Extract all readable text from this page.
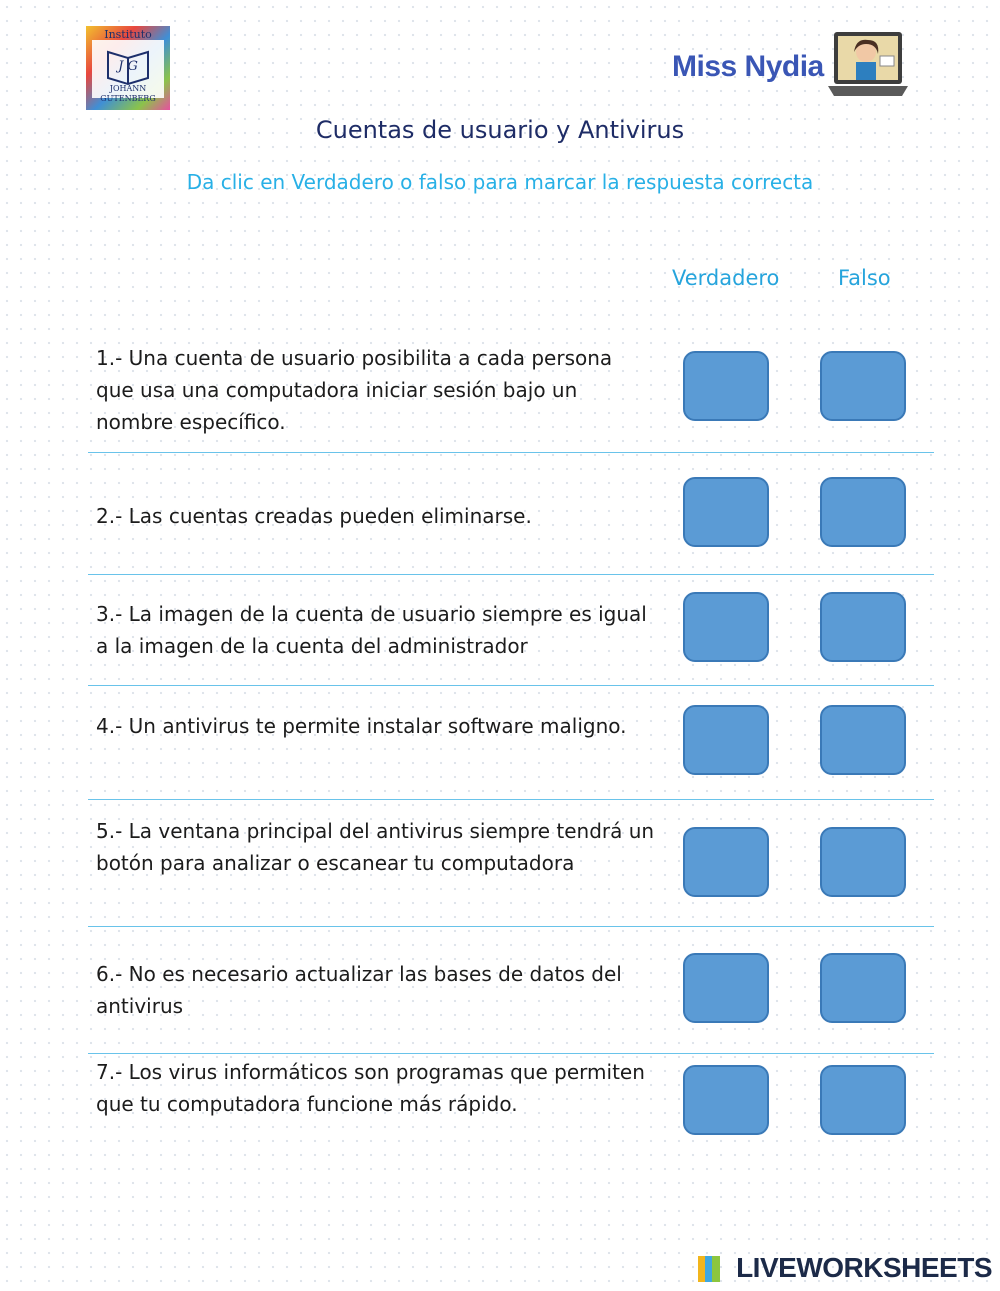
Instituto
J G
JOHANN
GUTENBERG
Miss Nydia
Cuentas de usuario y Antivirus
Da clic en Verdadero o falso para marcar la respuesta correcta
Verdadero	Falso
1.- Una cuenta de usuario posibilita a cada persona que usa una computadora iniciar sesión bajo un nombre específico.
2.- Las cuentas creadas pueden eliminarse.
3.- La imagen de la cuenta de usuario siempre es igual a la imagen de la cuenta del administrador
4.- Un antivirus te permite instalar software maligno.
5.- La ventana principal del antivirus siempre tendrá un botón para analizar o escanear tu computadora
6.- No es necesario actualizar las bases de datos del antivirus
7.- Los virus informáticos son programas que permiten que tu computadora funcione más rápido.
LIVEWORKSHEETS
